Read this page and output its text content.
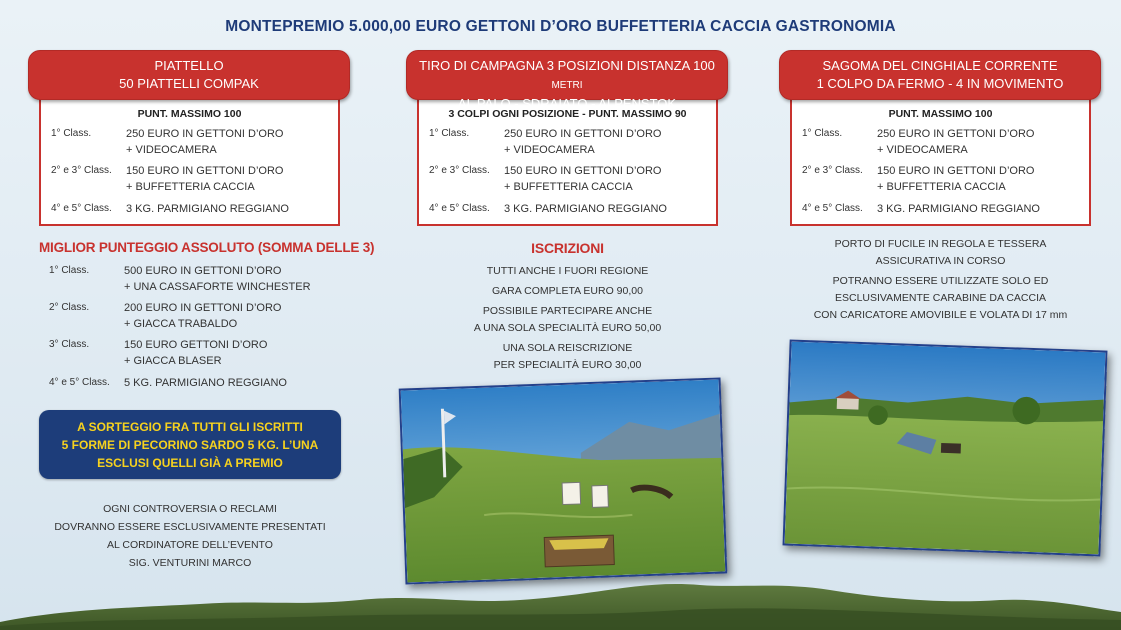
MONTEPREMIO 5.000,00 EURO GETTONI D’ORO BUFFETTERIA CACCIA GASTRONOMIA
PUNT. MASSIMO 100
1° Class.	250 EURO IN GETTONI D’ORO
+ VIDEOCAMERA
2° e 3° Class. 150 EURO IN GETTONI D’ORO
+ BUFFETTERIA CACCIA
4° e 5° Class. 3 KG. PARMIGIANO REGGIANO
PIATTELLO
50 PIATTELLI COMPAK
3 COLPI OGNI POSIZIONE - PUNT. MASSIMO 90
1° Class.	250 EURO IN GETTONI D’ORO
+ VIDEOCAMERA
2° e 3° Class. 150 EURO IN GETTONI D’ORO
+ BUFFETTERIA CACCIA
4° e 5° Class. 3 KG. PARMIGIANO REGGIANO
TIRO DI CAMPAGNA 3 POSIZIONI DISTANZA 100 METRI
AL PALO - SDRAIATO - ALPENSTOK
PUNT. MASSIMO 100
1° Class.	250 EURO IN GETTONI D’ORO
+ VIDEOCAMERA
2° e 3° Class. 150 EURO IN GETTONI D’ORO
+ BUFFETTERIA CACCIA
4° e 5° Class. 3 KG. PARMIGIANO REGGIANO
SAGOMA DEL CINGHIALE CORRENTE
1 COLPO DA FERMO - 4 IN MOVIMENTO
MIGLIOR PUNTEGGIO ASSOLUTO (SOMMA DELLE 3)
1° Class.	500 EURO IN GETTONI D’ORO
+ UNA CASSAFORTE WINCHESTER
2° Class.	200 EURO IN GETTONI D’ORO
+ GIACCA TRABALDO
3° Class.	150 EURO GETTONI D’ORO
+ GIACCA BLASER
4° e 5° Class. 5 KG. PARMIGIANO REGGIANO
A SORTEGGIO FRA TUTTI GLI ISCRITTI
5 FORME DI PECORINO SARDO 5 KG. L’UNA
ESCLUSI QUELLI GIÀ A PREMIO
OGNI CONTROVERSIA O RECLAMI
DOVRANNO ESSERE ESCLUSIVAMENTE PRESENTATI
AL CORDINATORE DELL’EVENTO
SIG. VENTURINI MARCO
ISCRIZIONI
TUTTI ANCHE I FUORI REGIONE
GARA COMPLETA EURO 90,00
POSSIBILE PARTECIPARE ANCHE
A UNA SOLA SPECIALITÀ EURO 50,00
UNA SOLA REISCRIZIONE
PER SPECIALITÀ EURO 30,00
PORTO DI FUCILE IN REGOLA E TESSERA
ASSICURATIVA IN CORSO
POTRANNO ESSERE UTILIZZATE SOLO ED
ESCLUSIVAMENTE CARABINE DA CACCIA
CON CARICATORE AMOVIBILE E VOLATA DI 17 mm
